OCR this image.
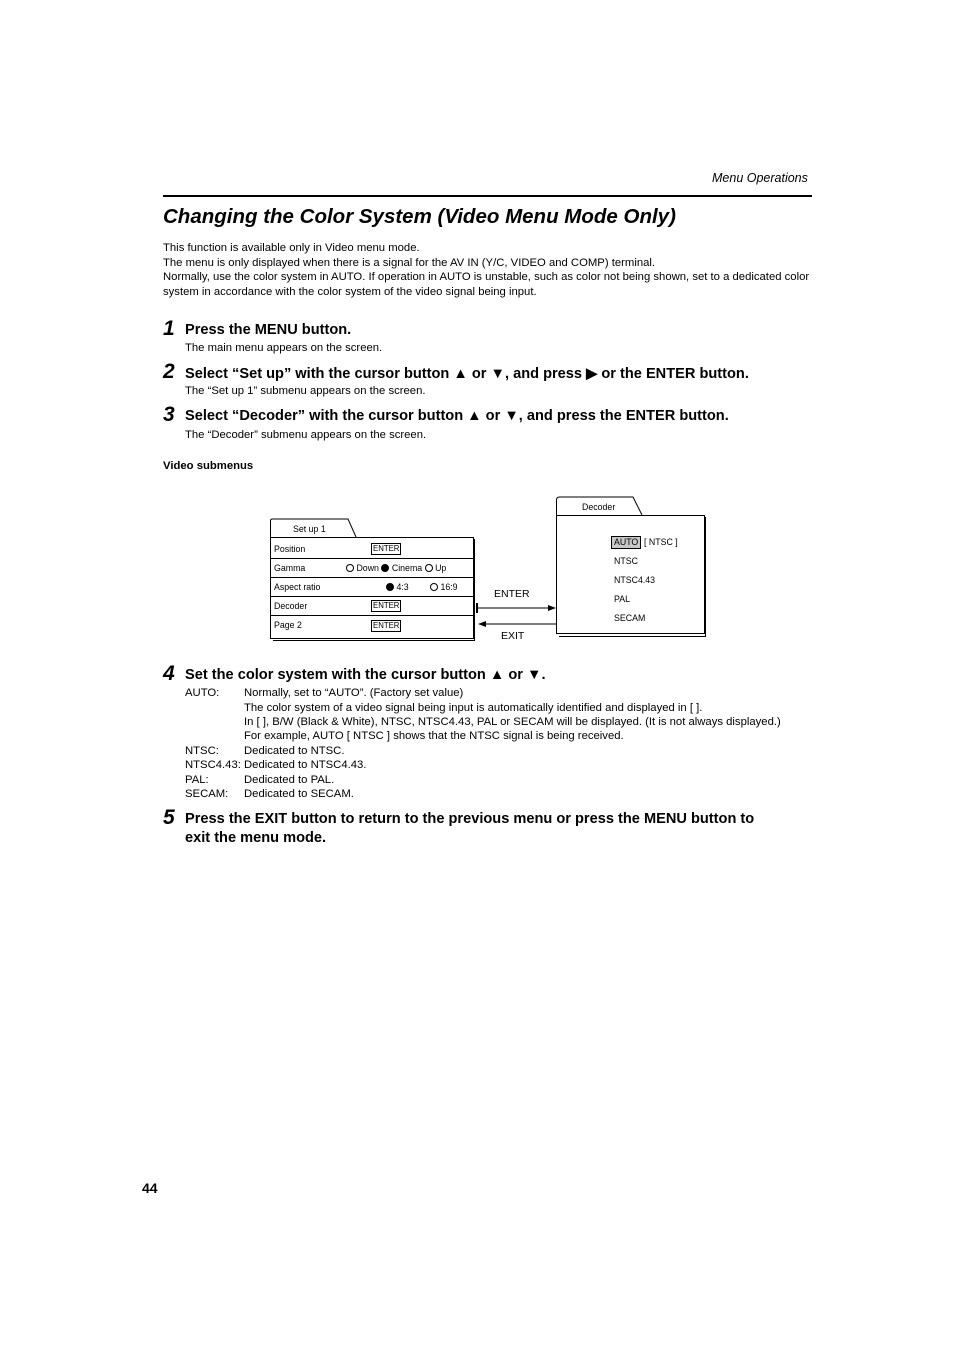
Menu Operations
Changing the Color System (Video Menu Mode Only)
This function is available only in Video menu mode.
The menu is only displayed when there is a signal for the AV IN (Y/C, VIDEO and COMP) terminal.
Normally, use the color system in AUTO. If operation in AUTO is unstable, such as color not being shown, set to a dedicated color system in accordance with the color system of the video signal being input.
1 Press the MENU button.
The main menu appears on the screen.
2 Select “Set up” with the cursor button ▲ or ▼, and press ▶ or the ENTER button.
The “Set up 1” submenu appears on the screen.
3 Select “Decoder” with the cursor button ▲ or ▼, and press the ENTER button.
The “Decoder” submenu appears on the screen.
Video submenus
Set up 1
Position	ENTER
Gamma	Down Cinema Up
Aspect ratio	4:3	16:9
Decoder	ENTER
Page 2	ENTER
ENTER
EXIT
Decoder
AUTO [ NTSC ]
NTSC
NTSC4.43
PAL
SECAM
4 Set the color system with the cursor button ▲ or ▼.
AUTO: Normally, set to “AUTO”. (Factory set value)
The color system of a video signal being input is automatically identified and displayed in [ ].
In [ ], B/W (Black & White), NTSC, NTSC4.43, PAL or SECAM will be displayed. (It is not always displayed.)
For example, AUTO [ NTSC ] shows that the NTSC signal is being received.
NTSC: Dedicated to NTSC.
NTSC4.43: Dedicated to NTSC4.43.
PAL:	Dedicated to PAL.
SECAM: Dedicated to SECAM.
5 Press the EXIT button to return to the previous menu or press the MENU button to
exit the menu mode.
44
